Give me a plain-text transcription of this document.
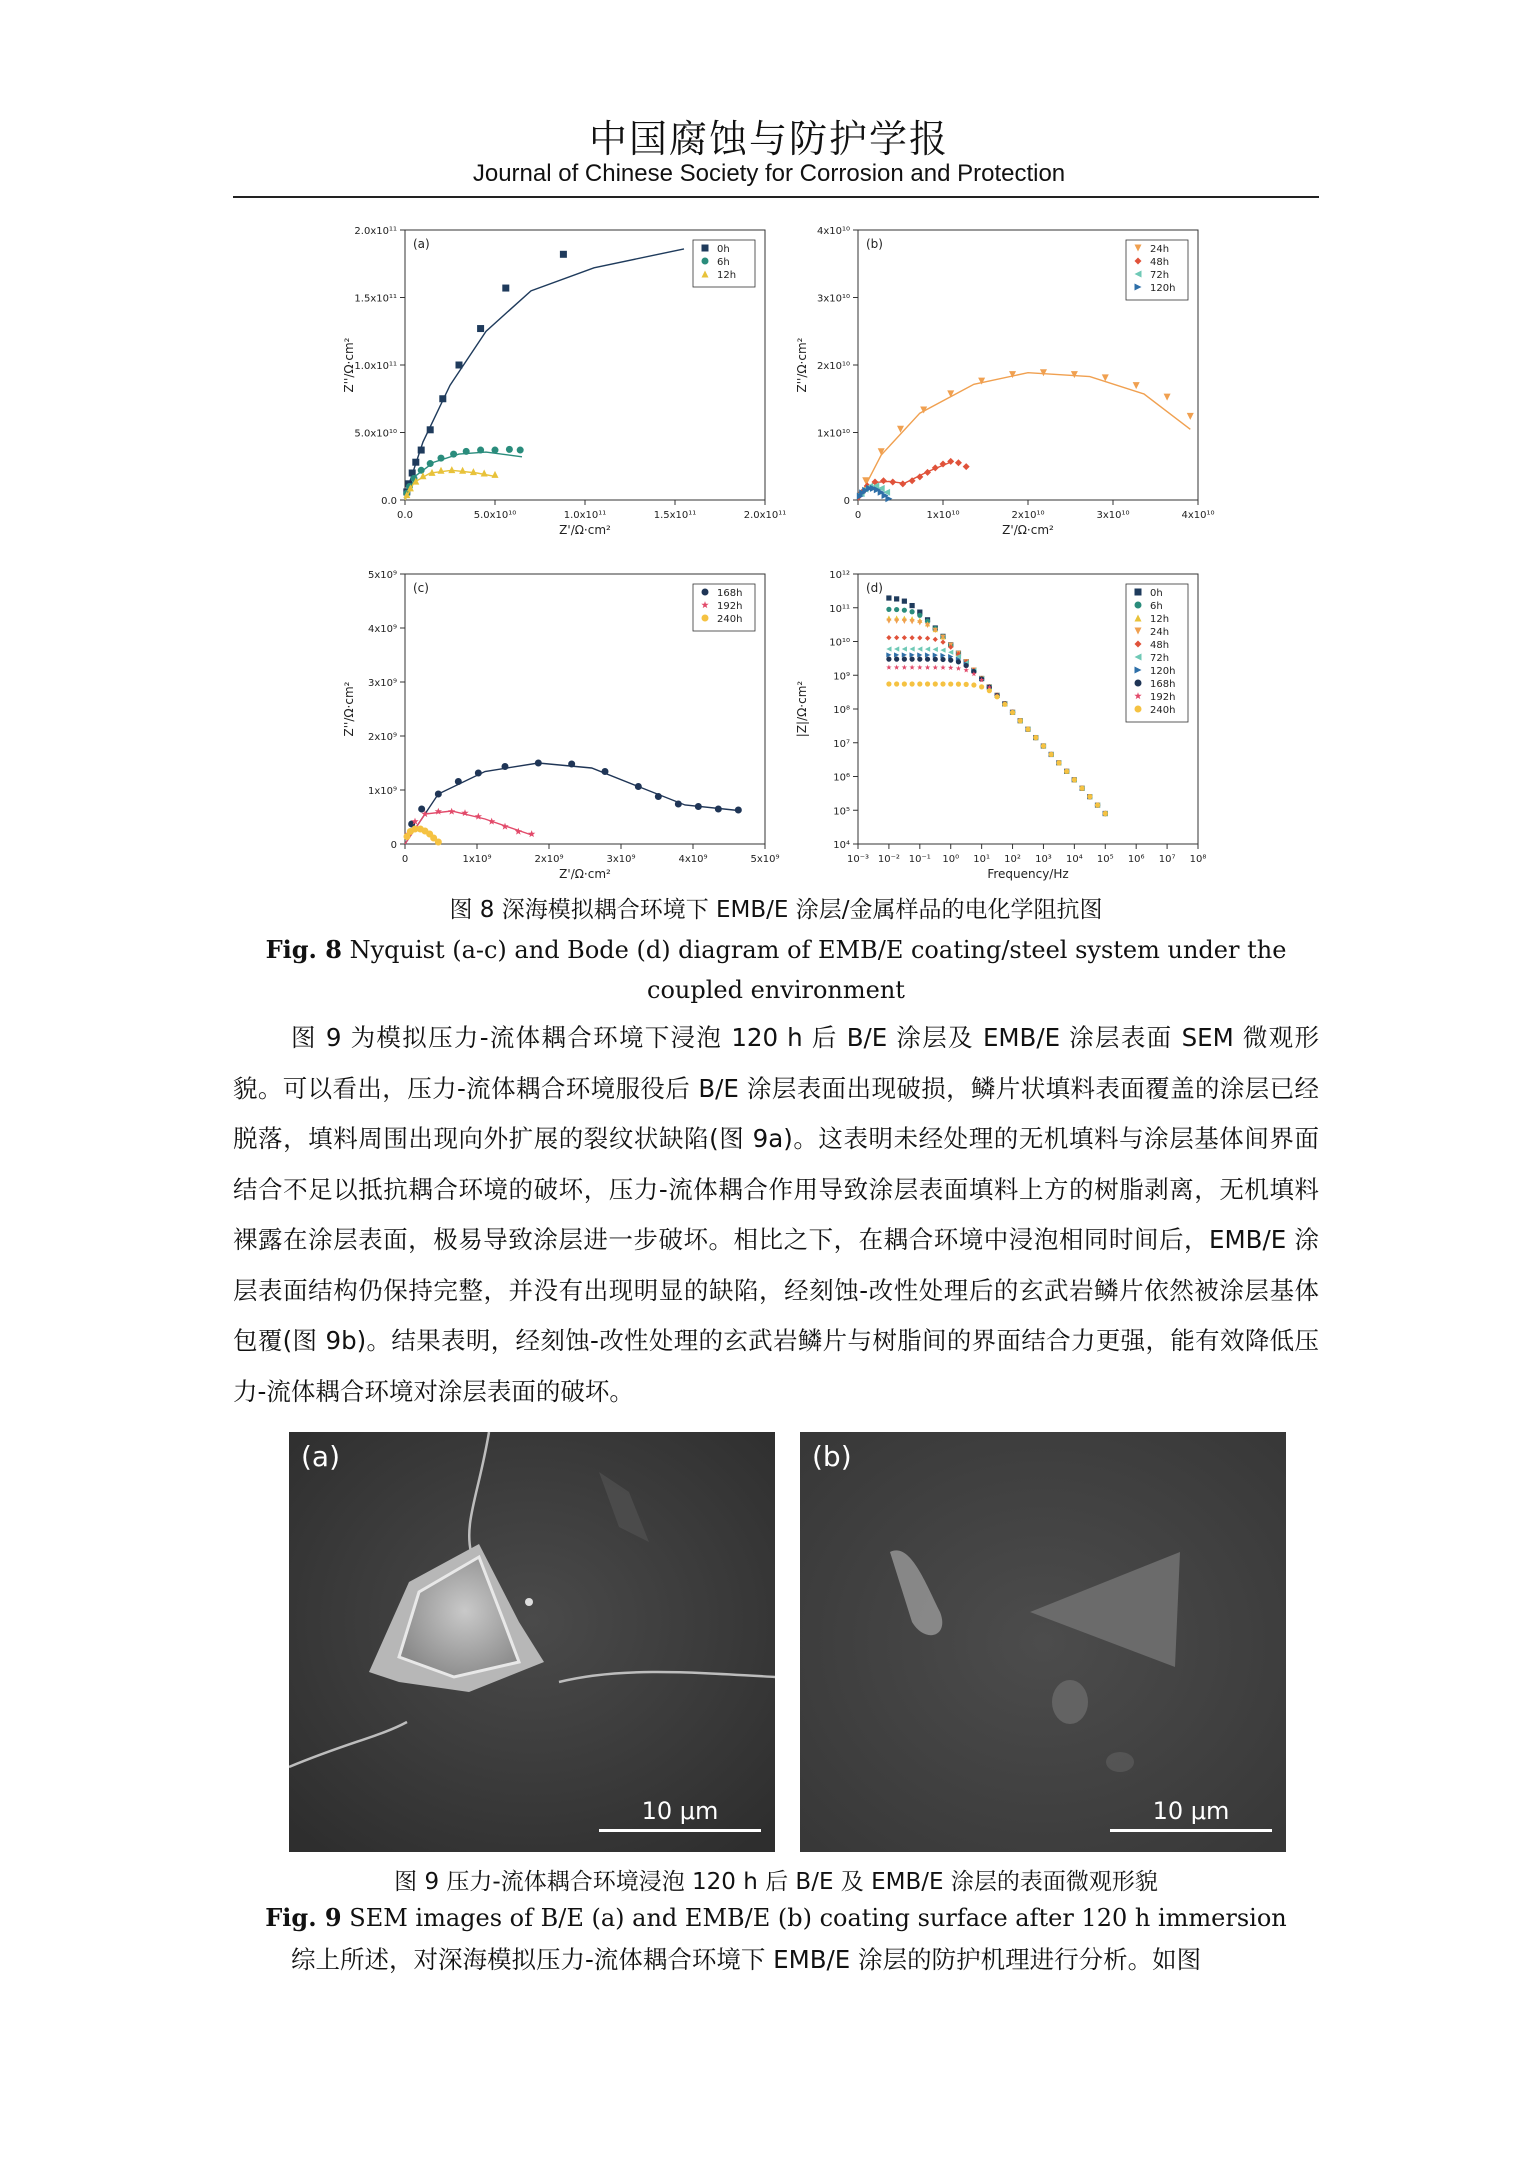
中国腐蚀与防护学报
Journal of Chinese Society for Corrosion and Protection
(a)
0.0	5.0x10¹⁰	1.0x10¹¹	1.5x10¹¹	2.0x10¹¹
0.0
5.0x10¹⁰
1.0x10¹¹
1.5x10¹¹
2.0x10¹¹
Z'/Ω·cm²
Z''/Ω·cm²
0h
6h
12h
(b)
0	1x10¹⁰	2x10¹⁰	3x10¹⁰	4x10¹⁰
0
1x10¹⁰
2x10¹⁰
3x10¹⁰
4x10¹⁰
Z'/Ω·cm²
Z''/Ω·cm²
24h
48h
72h
120h
(c)
0	1x10⁹	2x10⁹	3x10⁹	4x10⁹	5x10⁹
0
1x10⁹
2x10⁹
3x10⁹
4x10⁹
5x10⁹
Z'/Ω·cm²
Z''/Ω·cm²
168h
192h
240h
(d)
10⁻³ 10⁻² 10⁻¹ 10⁰ 10¹ 10² 10³ 10⁴ 10⁵ 10⁶ 10⁷ 10⁸
10⁴
10⁵
10⁶
10⁷
10⁸
10⁹
10¹⁰
10¹¹
10¹²
Frequency/Hz
|Z|/Ω·cm²
0h
6h
12h
24h
48h
72h
120h
168h
192h
240h
图 8 深海模拟耦合环境下 EMB/E 涂层/金属样品的电化学阻抗图
Fig. 8 Nyquist (a-c) and Bode (d) diagram of EMB/E coating/steel system under the coupled environment

图 9 为模拟压力-流体耦合环境下浸泡 120 h 后 B/E 涂层及 EMB/E 涂层表面 SEM 微观形貌。可以看出，压力-流体耦合环境服役后 B/E 涂层表面出现破损，鳞片状填料表面覆盖的涂层已经脱落，填料周围出现向外扩展的裂纹状缺陷(图 9a)。这表明未经处理的无机填料与涂层基体间界面结合不足以抵抗耦合环境的破坏，压力-流体耦合作用导致涂层表面填料上方的树脂剥离，无机填料裸露在涂层表面，极易导致涂层进一步破坏。相比之下，在耦合环境中浸泡相同时间后，EMB/E 涂层表面结构仍保持完整，并没有出现明显的缺陷，经刻蚀-改性处理后的玄武岩鳞片依然被涂层基体包覆(图 9b)。结果表明，经刻蚀-改性处理的玄武岩鳞片与树脂间的界面结合力更强，能有效降低压力-流体耦合环境对涂层表面的破坏。

(a)
10 μm
(b)
10 μm
图 9 压力-流体耦合环境浸泡 120 h 后 B/E 及 EMB/E 涂层的表面微观形貌
Fig. 9 SEM images of B/E (a) and EMB/E (b) coating surface after 120 h immersion
综上所述，对深海模拟压力-流体耦合环境下 EMB/E 涂层的防护机理进行分析。如图
